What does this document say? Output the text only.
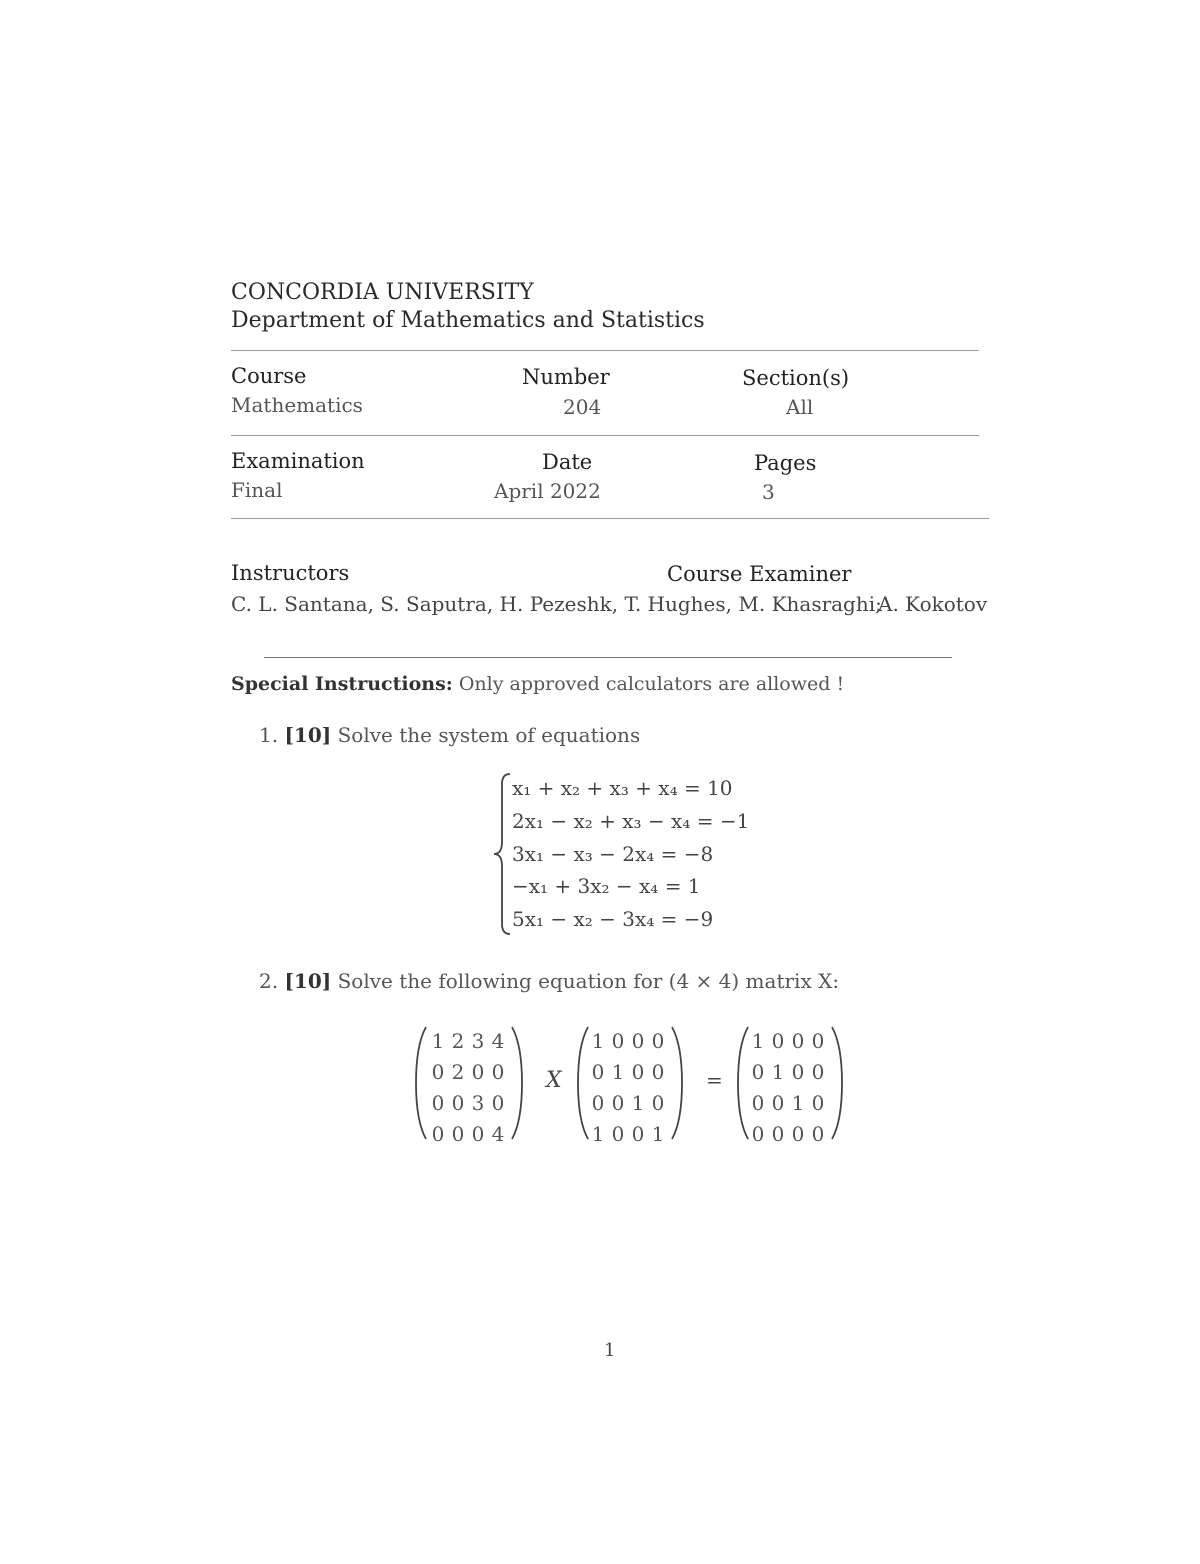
CONCORDIA UNIVERSITY
Department of Mathematics and Statistics
Course
Mathematics
Number
204
Section(s)
All
Examination
Final
Date
April 2022
Pages
3
Instructors
C. L. Santana, S. Saputra, H. Pezeshk, T. Hughes, M. Khasraghi;
Course Examiner
A. Kokotov
Special Instructions: Only approved calculators are allowed !
1. [10] Solve the system of equations
x₁ + x₂ + x₃ + x₄ = 10
2x₁ − x₂ + x₃ − x₄ = −1
3x₁ − x₃ − 2x₄ = −8
−x₁ + 3x₂ − x₄ = 1
5x₁ − x₂ − 3x₄ = −9
2. [10] Solve the following equation for (4 × 4) matrix X:
1 2 3 4
0 2 0 0
0 0 3 0
0 0 0 4
X
1 0 0 0
0 1 0 0
0 0 1 0
1 0 0 1
=
1 0 0 0
0 1 0 0
0 0 1 0
0 0 0 0
1
